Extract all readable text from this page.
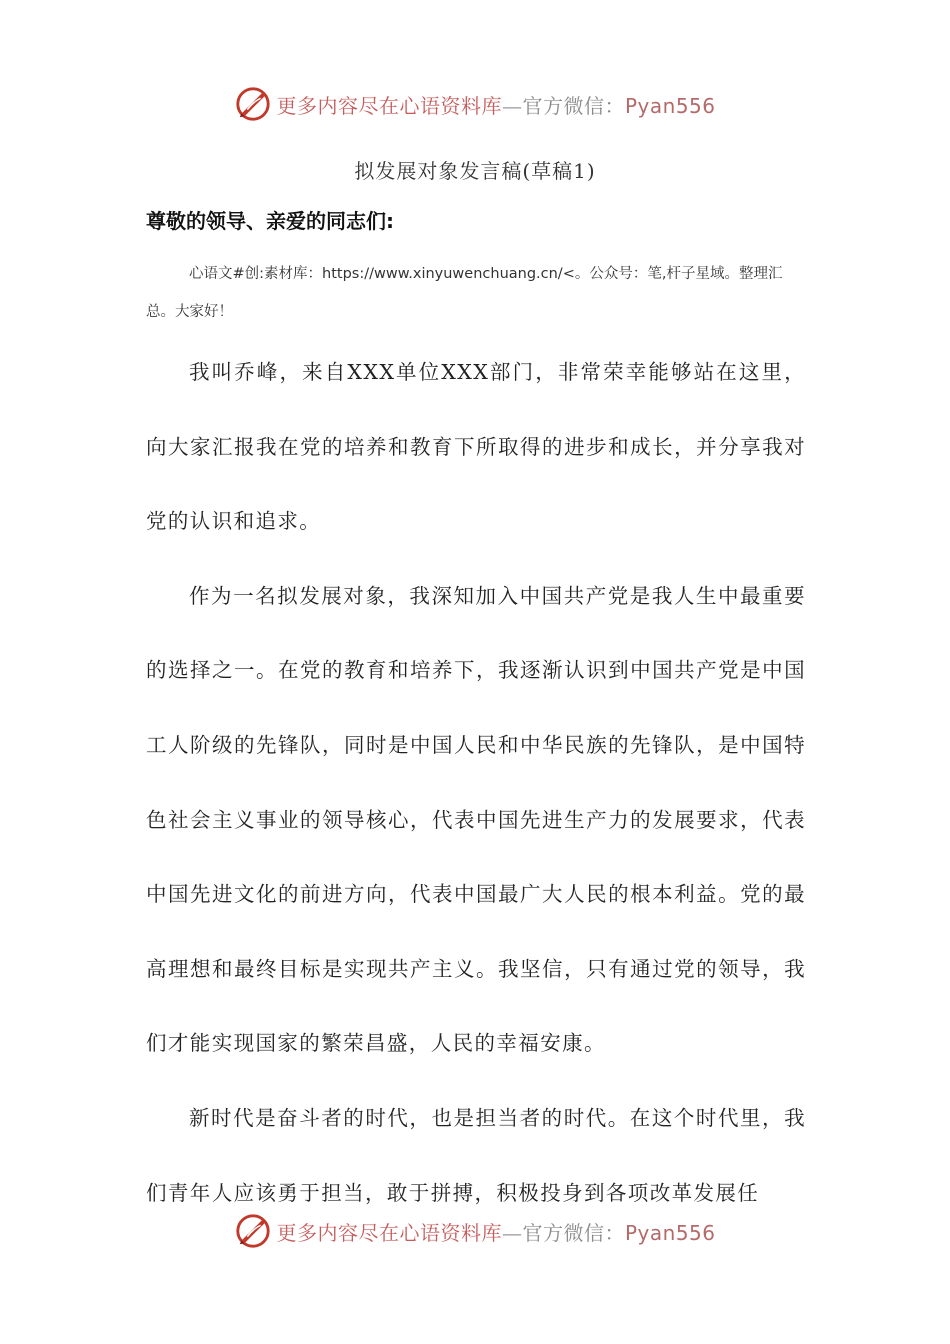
更多内容尽在心语资料库—官方微信：Pyan556
拟发展对象发言稿(草稿1)
尊敬的领导、亲爱的同志们:
心语文#创:素材库：https://www.xinyuwenchuang.cn/<。公众号：笔,杆子星域。整理汇总。大家好！

我叫乔峰，来自XXX单位XXX部门，非常荣幸能够站在这里，向大家汇报我在党的培养和教育下所取得的进步和成长，并分享我对党的认识和追求。

作为一名拟发展对象，我深知加入中国共产党是我人生中最重要的选择之一。在党的教育和培养下，我逐渐认识到中国共产党是中国工人阶级的先锋队，同时是中国人民和中华民族的先锋队，是中国特色社会主义事业的领导核心，代表中国先进生产力的发展要求，代表中国先进文化的前进方向，代表中国最广大人民的根本利益。党的最高理想和最终目标是实现共产主义。我坚信，只有通过党的领导，我们才能实现国家的繁荣昌盛，人民的幸福安康。

新时代是奋斗者的时代，也是担当者的时代。在这个时代里，我们青年人应该勇于担当，敢于拼搏，积极投身到各项改革发展任

更多内容尽在心语资料库—官方微信：Pyan556
